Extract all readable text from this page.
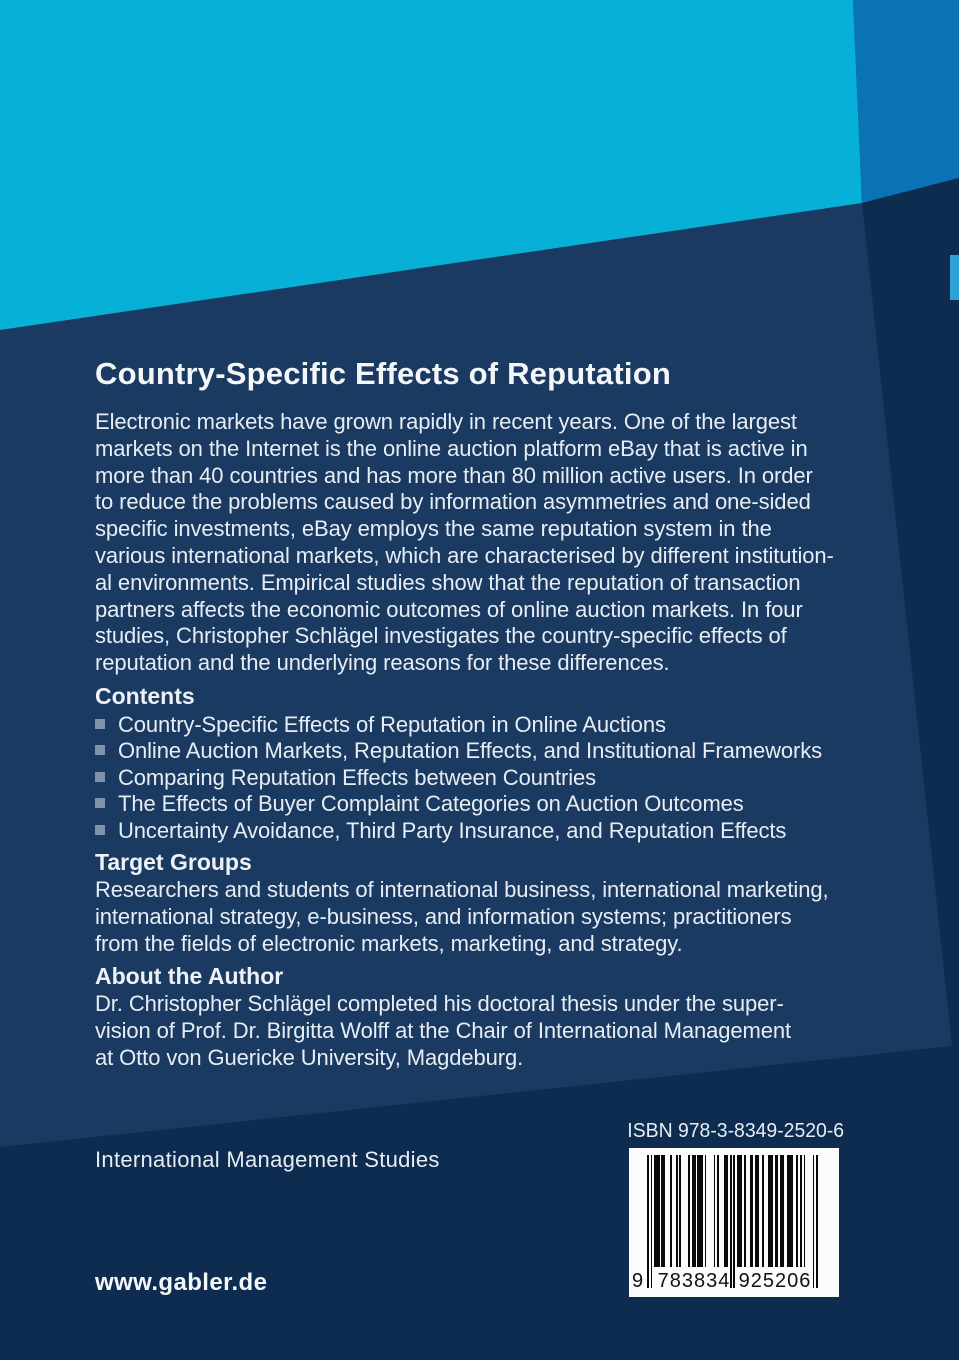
Country-Specific Effects of Reputation
Electronic markets have grown rapidly in recent years. One of the largest
markets on the Internet is the online auction platform eBay that is active in
more than 40 countries and has more than 80 million active users. In order
to reduce the problems caused by information asymmetries and one-sided
specific investments, eBay employs the same reputation system in the
various international markets, which are characterised by different institution-
al environments. Empirical studies show that the reputation of transaction
partners affects the economic outcomes of online auction markets. In four
studies, Christopher Schlägel investigates the country-specific effects of
reputation and the underlying reasons for these differences.
Contents
Country-Specific Effects of Reputation in Online Auctions
Online Auction Markets, Reputation Effects, and Institutional Frameworks
Comparing Reputation Effects between Countries
The Effects of Buyer Complaint Categories on Auction Outcomes
Uncertainty Avoidance, Third Party Insurance, and Reputation Effects
Target Groups
Researchers and students of international business, international marketing,
international strategy, e-business, and information systems; practitioners
from the fields of electronic markets, marketing, and strategy.
About the Author
Dr. Christopher Schlägel completed his doctoral thesis under the super-
vision of Prof. Dr. Birgitta Wolff at the Chair of International Management
at Otto von Guericke University, Magdeburg.
International Management Studies
ISBN 978-3-8349-2520-6
9 783834 925206
www.gabler.de
